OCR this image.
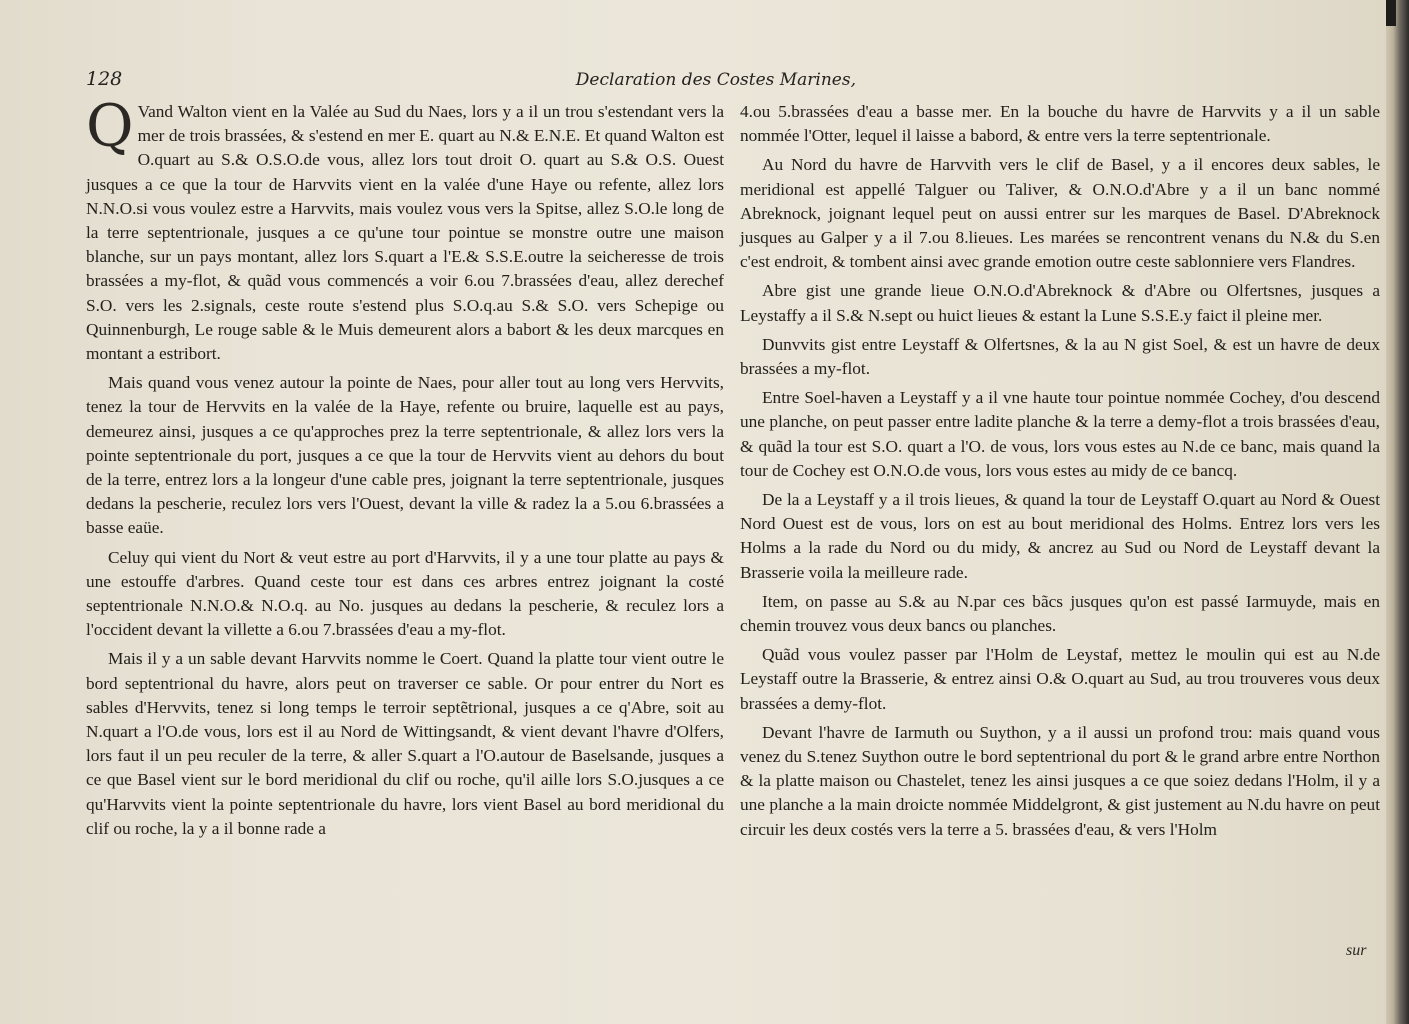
128	Declaration des Costes Marines,

Q Vand Walton vient en la Valée au Sud du Naes, lors y a il un trou s'estendant vers la mer de trois brassées, & s'estend en mer E. quart au N.& E.N.E. Et quand Walton est O.quart au S.& O.S.O.de vous, allez lors tout droit O. quart au S.& O.S. Ouest jusques a ce que la tour de Harvvits vient en la valée d'une Haye ou refente, allez lors N.N.O.si vous voulez estre a Harvvits, mais voulez vous vers la Spitse, allez S.O.le long de la terre septentrionale, jusques a ce qu'une tour pointue se monstre outre une maison blanche, sur un pays montant, allez lors S.quart a l'E.& S.S.E.outre la seicheresse de trois brassées a my-flot, & quãd vous commencés a voir 6.ou 7.brassées d'eau, allez derechef S.O. vers les 2.signals, ceste route s'estend plus S.O.q.au S.& S.O. vers Schepige ou Quinnenburgh, Le rouge sable & le Muis demeurent alors a babort & les deux marcques en montant a estribort.

Mais quand vous venez autour la pointe de Naes, pour aller tout au long vers Hervvits, tenez la tour de Hervvits en la valée de la Haye, refente ou bruire, laquelle est au pays, demeurez ainsi, jusques a ce qu'approches prez la terre septentrionale, & allez lors vers la pointe septentrionale du port, jusques a ce que la tour de Hervvits vient au dehors du bout de la terre, entrez lors a la longeur d'une cable pres, joignant la terre septentrionale, jusques dedans la pescherie, reculez lors vers l'Ouest, devant la ville & radez la a 5.ou 6.brassées a basse eaüe.

Celuy qui vient du Nort & veut estre au port d'Harvvits, il y a une tour platte au pays & une estouffe d'arbres. Quand ceste tour est dans ces arbres entrez joignant la costé septentrionale N.N.O.& N.O.q. au No. jusques au dedans la pescherie, & reculez lors a l'occident devant la villette a 6.ou 7.brassées d'eau a my-flot.

Mais il y a un sable devant Harvvits nomme le Coert. Quand la platte tour vient outre le bord septentrional du havre, alors peut on traverser ce sable. Or pour entrer du Nort es sables d'Hervvits, tenez si long temps le terroir septẽtrional, jusques a ce q'Abre, soit au N.quart a l'O.de vous, lors est il au Nord de Wittingsandt, & vient devant l'havre d'Olfers, lors faut il un peu reculer de la terre, & aller S.quart a l'O.autour de Baselsande, jusques a ce que Basel vient sur le bord meridional du clif ou roche, qu'il aille lors S.O.jusques a ce qu'Harvvits vient la pointe septentrionale du havre, lors vient Basel au bord meridional du clif ou roche, la y a il bonne rade a

4.ou 5.brassées d'eau a basse mer. En la bouche du havre de Harvvits y a il un sable nommée l'Otter, lequel il laisse a babord, & entre vers la terre septentrionale.

Au Nord du havre de Harvvith vers le clif de Basel, y a il encores deux sables, le meridional est appellé Talguer ou Taliver, & O.N.O.d'Abre y a il un banc nommé Abreknock, joignant lequel peut on aussi entrer sur les marques de Basel. D'Abreknock jusques au Galper y a il 7.ou 8.lieues. Les marées se rencontrent venans du N.& du S.en c'est endroit, & tombent ainsi avec grande emotion outre ceste sablonniere vers Flandres.

Abre gist une grande lieue O.N.O.d'Abreknock & d'Abre ou Olfertsnes, jusques a Leystaffy a il S.& N.sept ou huict lieues & estant la Lune S.S.E.y faict il pleine mer.

Dunvvits gist entre Leystaff & Olfertsnes, & la au N gist Soel, & est un havre de deux brassées a my-flot.

Entre Soel-haven a Leystaff y a il vne haute tour pointue nommée Cochey, d'ou descend une planche, on peut passer entre ladite planche & la terre a demy-flot a trois brassées d'eau, & quãd la tour est S.O. quart a l'O. de vous, lors vous estes au N.de ce banc, mais quand la tour de Cochey est O.N.O.de vous, lors vous estes au midy de ce bancq.

De la a Leystaff y a il trois lieues, & quand la tour de Leystaff O.quart au Nord & Ouest Nord Ouest est de vous, lors on est au bout meridional des Holms. Entrez lors vers les Holms a la rade du Nord ou du midy, & ancrez au Sud ou Nord de Leystaff devant la Brasserie voila la meilleure rade.

Item, on passe au S.& au N.par ces bãcs jusques qu'on est passé Iarmuyde, mais en chemin trouvez vous deux bancs ou planches.

Quãd vous voulez passer par l'Holm de Leystaf, mettez le moulin qui est au N.de Leystaff outre la Brasserie, & entrez ainsi O.& O.quart au Sud, au trou trouveres vous deux brassées a demy-flot.

Devant l'havre de Iarmuth ou Suython, y a il aussi un profond trou: mais quand vous venez du S.tenez Suython outre le bord septentrional du port & le grand arbre entre Northon & la platte maison ou Chastelet, tenez les ainsi jusques a ce que soiez dedans l'Holm, il y a une planche a la main droicte nommée Middelgront, & gist justement au N.du havre on peut circuir les deux costés vers la terre a 5. brassées d'eau, & vers l'Holm

sur
